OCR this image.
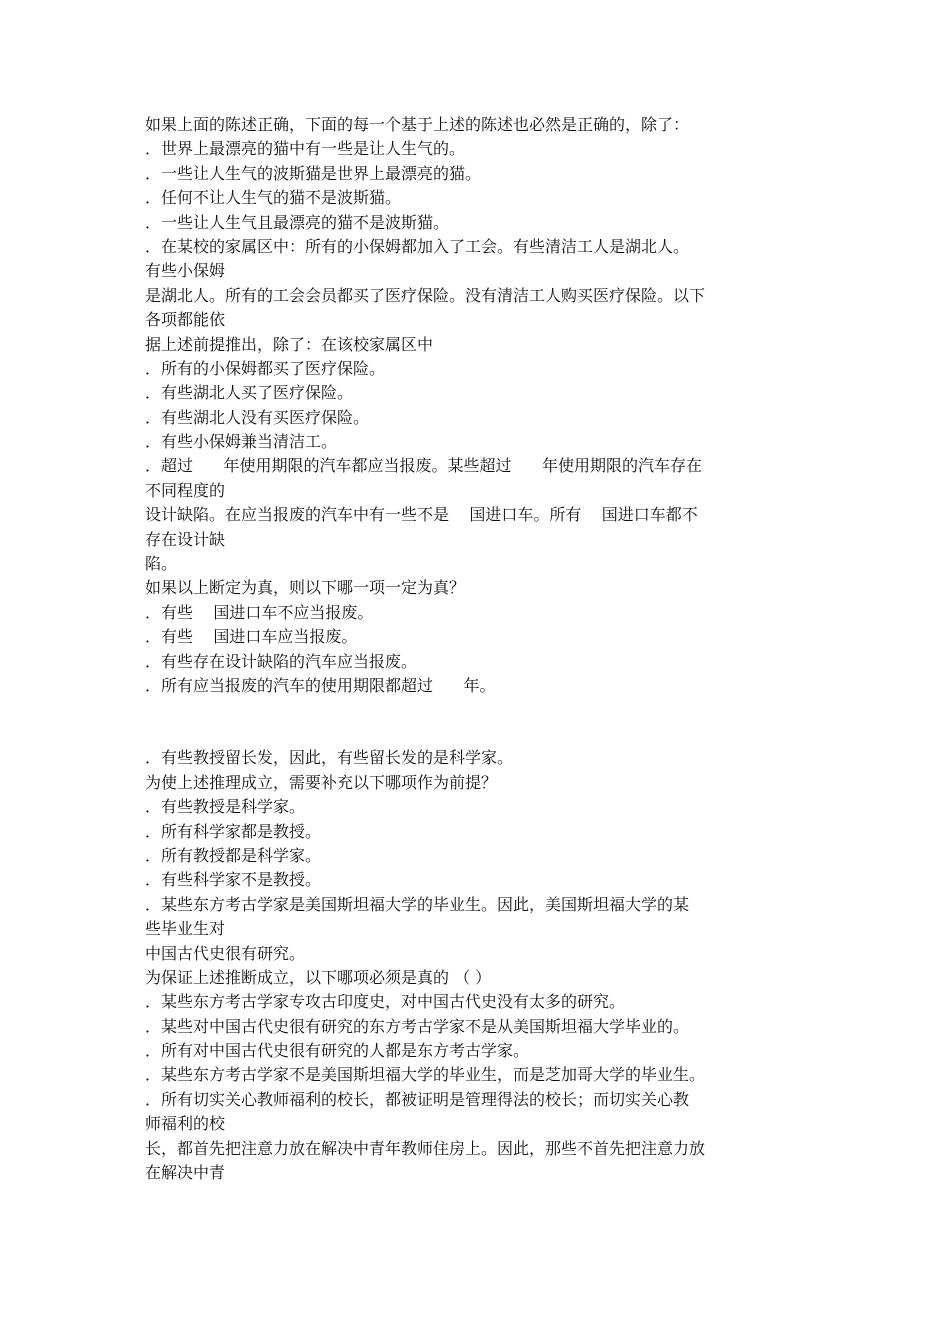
如果上面的陈述正确，下面的每一个基于上述的陈述也必然是正确的，除了：
．世界上最漂亮的猫中有一些是让人生气的。
．一些让人生气的波斯猫是世界上最漂亮的猫。
．任何不让人生气的猫不是波斯猫。
．一些让人生气且最漂亮的猫不是波斯猫。
．在某校的家属区中：所有的小保姆都加入了工会。有些清洁工人是湖北人。
有些小保姆
是湖北人。所有的工会会员都买了医疗保险。没有清洁工人购买医疗保险。以下
各项都能依
据上述前提推出，除了：在该校家属区中
．所有的小保姆都买了医疗保险。
．有些湖北人买了医疗保险。
．有些湖北人没有买医疗保险。
．有些小保姆兼当清洁工。
．超过      年使用期限的汽车都应当报废。某些超过      年使用期限的汽车存在
不同程度的
设计缺陷。在应当报废的汽车中有一些不是    国进口车。所有    国进口车都不
存在设计缺
陷。
如果以上断定为真，则以下哪一项一定为真？
．有些    国进口车不应当报废。
．有些    国进口车应当报废。
．有些存在设计缺陷的汽车应当报废。
．所有应当报废的汽车的使用期限都超过      年。
．有些教授留长发，因此，有些留长发的是科学家。
为使上述推理成立，需要补充以下哪项作为前提？
．有些教授是科学家。
．所有科学家都是教授。
．所有教授都是科学家。
．有些科学家不是教授。
．某些东方考古学家是美国斯坦福大学的毕业生。因此，美国斯坦福大学的某
些毕业生对
中国古代史很有研究。
为保证上述推断成立，以下哪项必须是真的 （ ）
．某些东方考古学家专攻古印度史，对中国古代史没有太多的研究。
．某些对中国古代史很有研究的东方考古学家不是从美国斯坦福大学毕业的。
．所有对中国古代史很有研究的人都是东方考古学家。
．某些东方考古学家不是美国斯坦福大学的毕业生，而是芝加哥大学的毕业生。
．所有切实关心教师福利的校长，都被证明是管理得法的校长；而切实关心教
师福利的校
长，都首先把注意力放在解决中青年教师住房上。因此，那些不首先把注意力放
在解决中青
